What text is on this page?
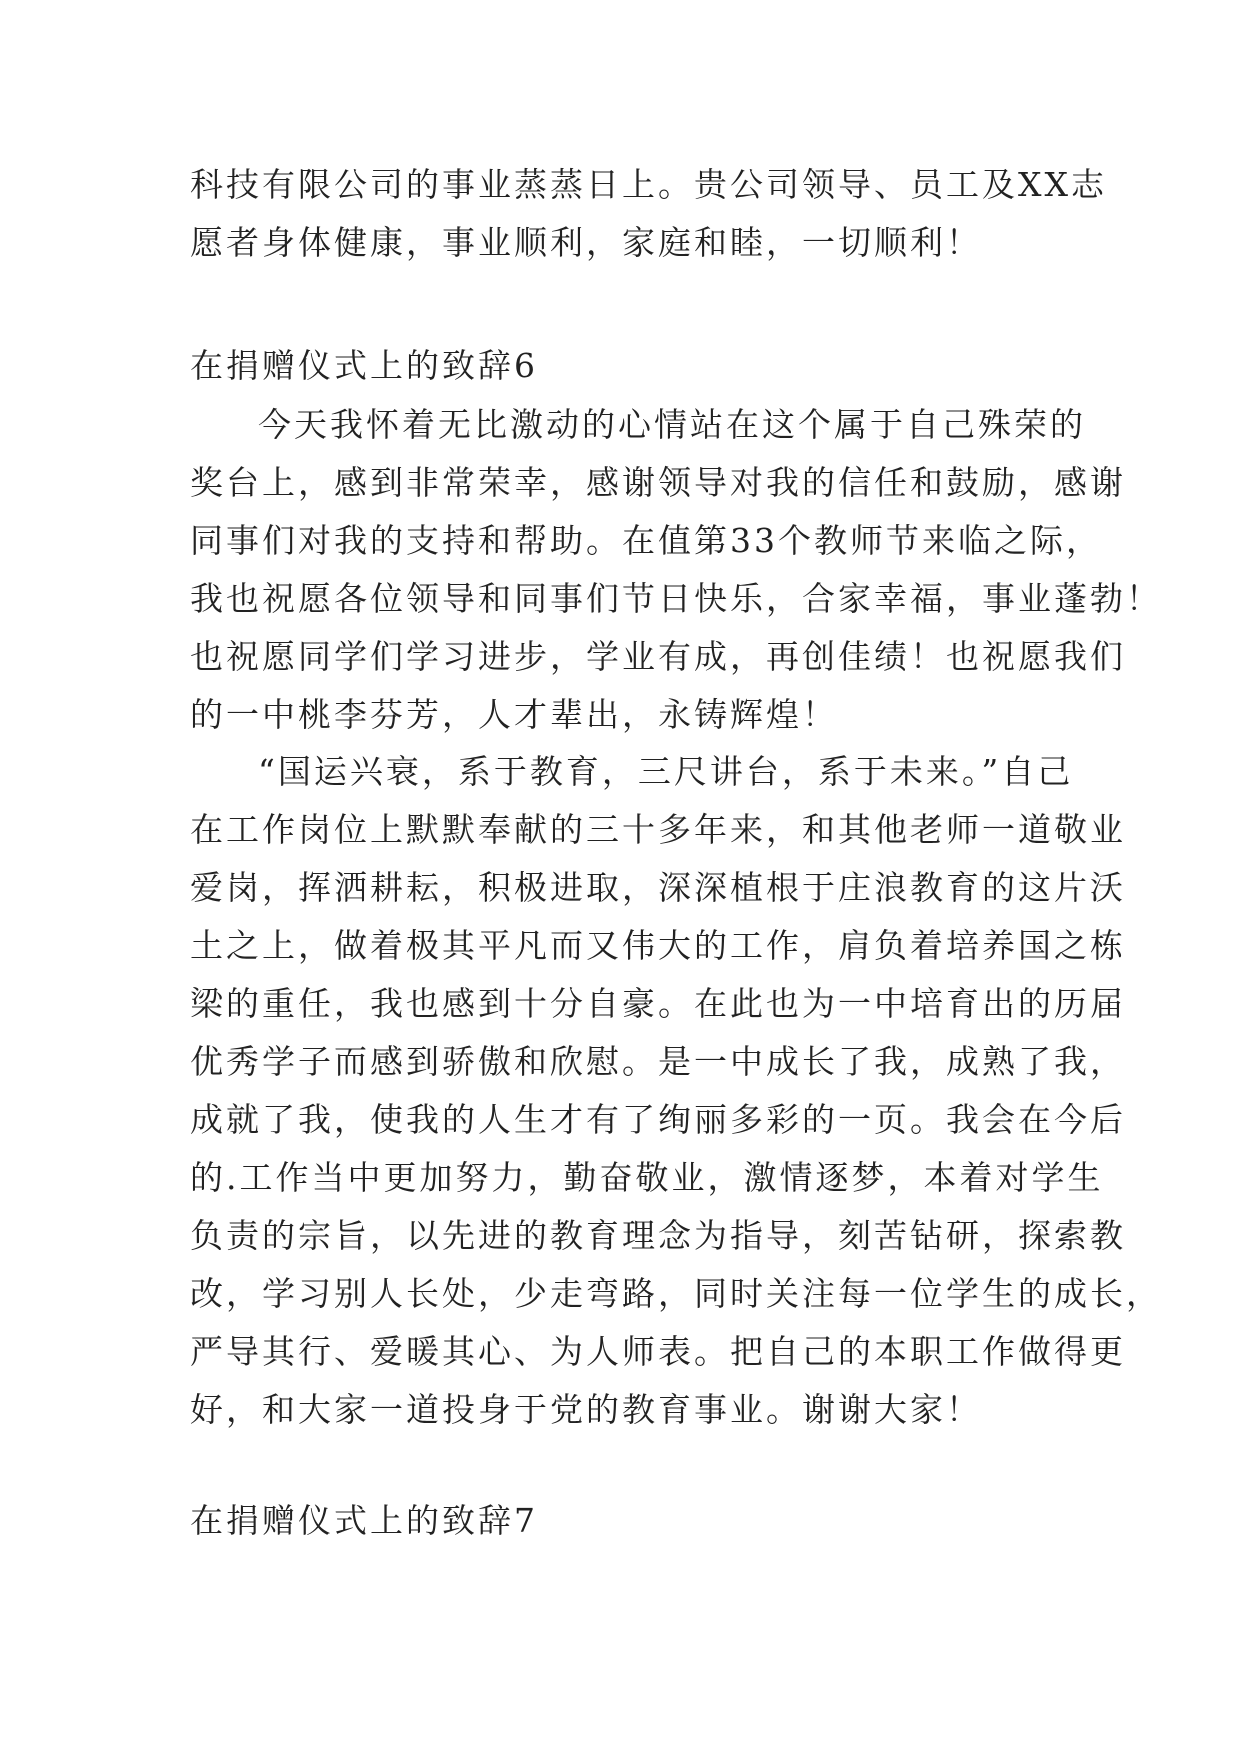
科技有限公司的事业蒸蒸日上。贵公司领导、员工及XX志
愿者身体健康，事业顺利，家庭和睦，一切顺利！
在捐赠仪式上的致辞6
今天我怀着无比激动的心情站在这个属于自己殊荣的
奖台上，感到非常荣幸，感谢领导对我的信任和鼓励，感谢
同事们对我的支持和帮助。在值第33个教师节来临之际，
我也祝愿各位领导和同事们节日快乐，合家幸福，事业蓬勃！
也祝愿同学们学习进步，学业有成，再创佳绩！也祝愿我们
的一中桃李芬芳，人才辈出，永铸辉煌！
“国运兴衰，系于教育，三尺讲台，系于未来。”自己
在工作岗位上默默奉献的三十多年来，和其他老师一道敬业
爱岗，挥洒耕耘，积极进取，深深植根于庄浪教育的这片沃
土之上，做着极其平凡而又伟大的工作，肩负着培养国之栋
梁的重任，我也感到十分自豪。在此也为一中培育出的历届
优秀学子而感到骄傲和欣慰。是一中成长了我，成熟了我，
成就了我，使我的人生才有了绚丽多彩的一页。我会在今后
的.工作当中更加努力，勤奋敬业，激情逐梦，本着对学生
负责的宗旨，以先进的教育理念为指导，刻苦钻研，探索教
改，学习别人长处，少走弯路，同时关注每一位学生的成长，
严导其行、爱暖其心、为人师表。把自己的本职工作做得更
好，和大家一道投身于党的教育事业。谢谢大家！
在捐赠仪式上的致辞7
